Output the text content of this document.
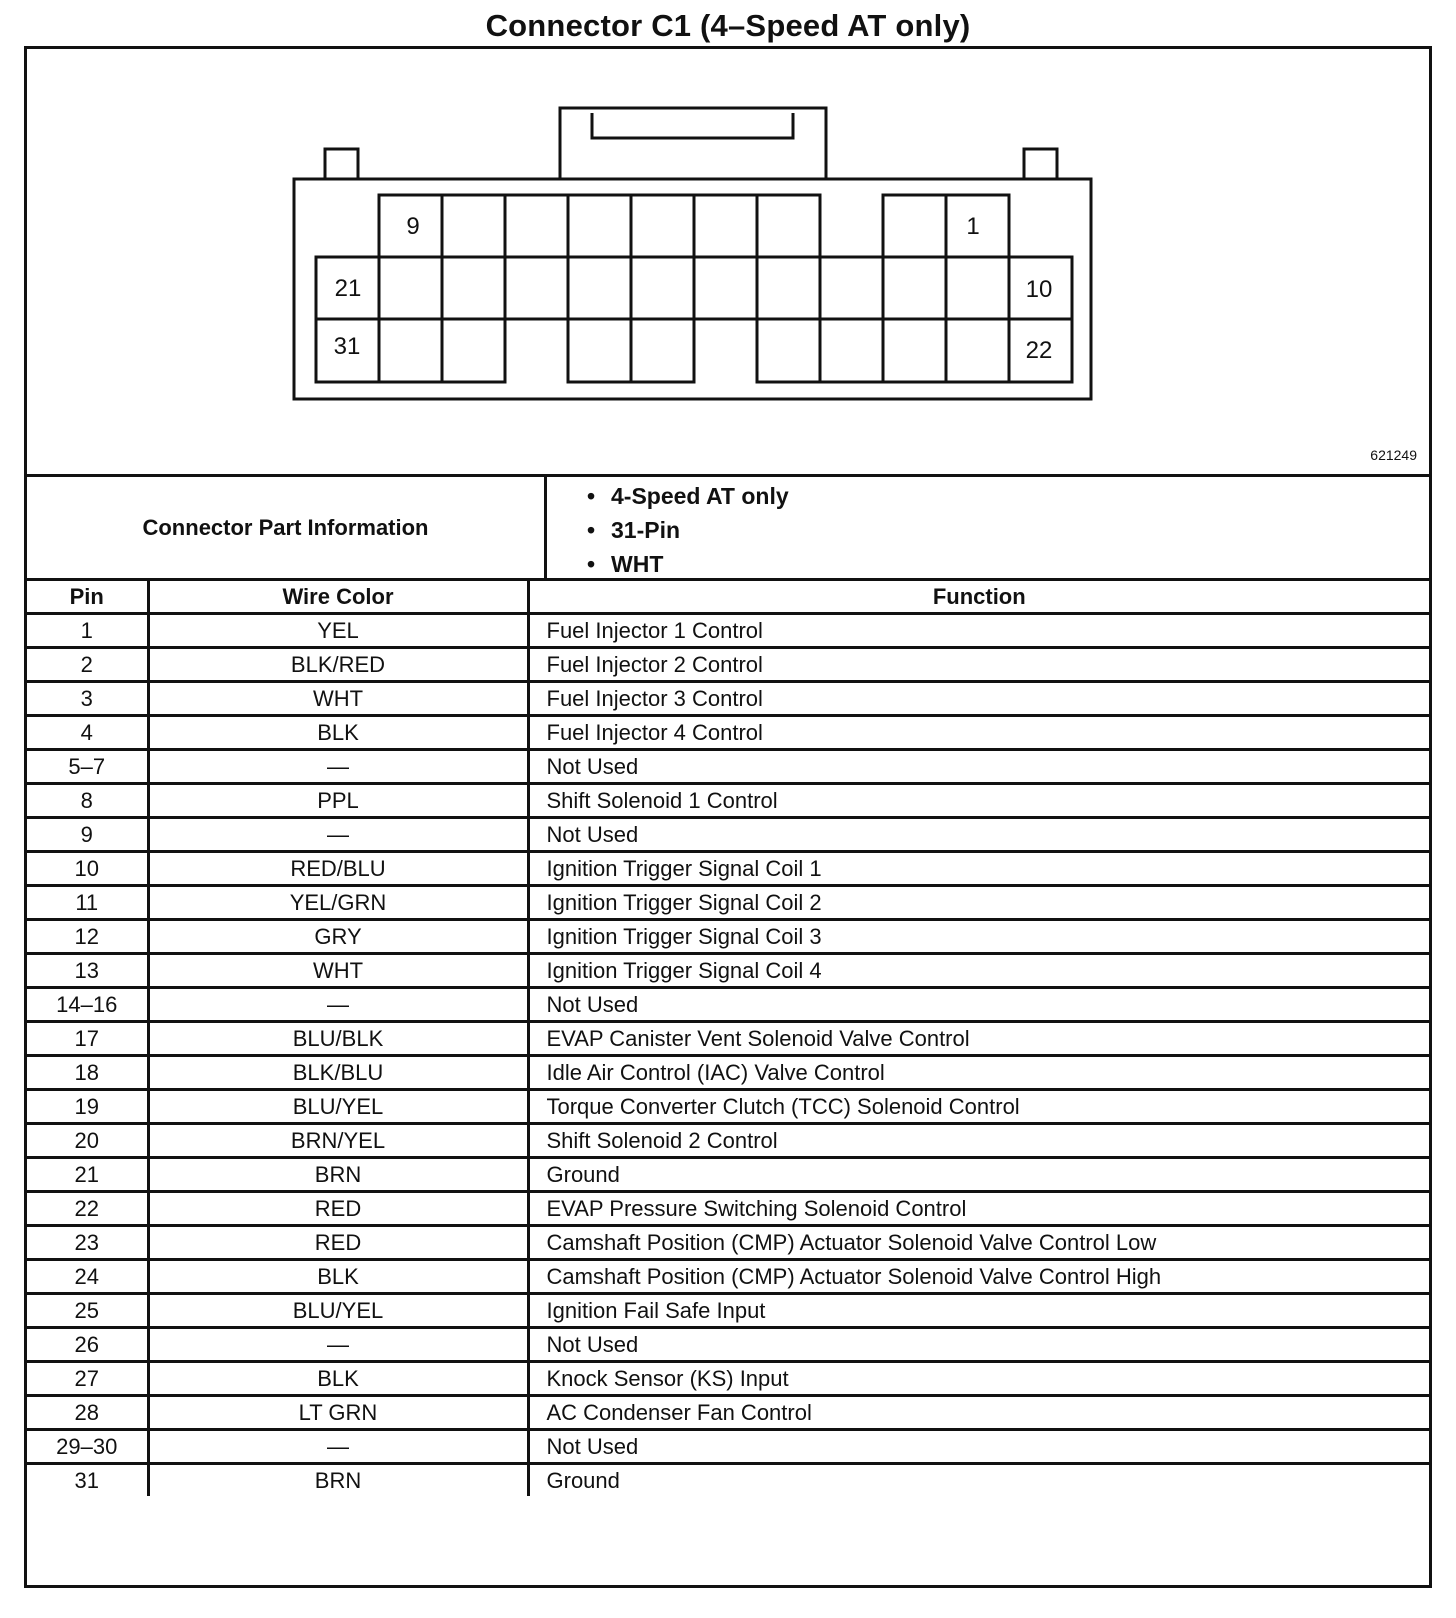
Connector C1 (4–Speed AT only)
9	1
21	10
31	22
621249
Connector Part Information
• 4-Speed AT only
• 31-Pin
• WHT
Pin	Wire Color	Function
1	YEL	Fuel Injector 1 Control
2	BLK/RED	Fuel Injector 2 Control
3	WHT	Fuel Injector 3 Control
4	BLK	Fuel Injector 4 Control
5–7	—	Not Used
8	PPL	Shift Solenoid 1 Control
9	—	Not Used
10	RED/BLU	Ignition Trigger Signal Coil 1
11	YEL/GRN	Ignition Trigger Signal Coil 2
12	GRY	Ignition Trigger Signal Coil 3
13	WHT	Ignition Trigger Signal Coil 4
14–16	—	Not Used
17	BLU/BLK	EVAP Canister Vent Solenoid Valve Control
18	BLK/BLU	Idle Air Control (IAC) Valve Control
19	BLU/YEL	Torque Converter Clutch (TCC) Solenoid Control
20	BRN/YEL	Shift Solenoid 2 Control
21	BRN	Ground
22	RED	EVAP Pressure Switching Solenoid Control
23	RED	Camshaft Position (CMP) Actuator Solenoid Valve Control Low
24	BLK	Camshaft Position (CMP) Actuator Solenoid Valve Control High
25	BLU/YEL	Ignition Fail Safe Input
26	—	Not Used
27	BLK	Knock Sensor (KS) Input
28	LT GRN	AC Condenser Fan Control
29–30	—	Not Used
31	BRN	Ground
